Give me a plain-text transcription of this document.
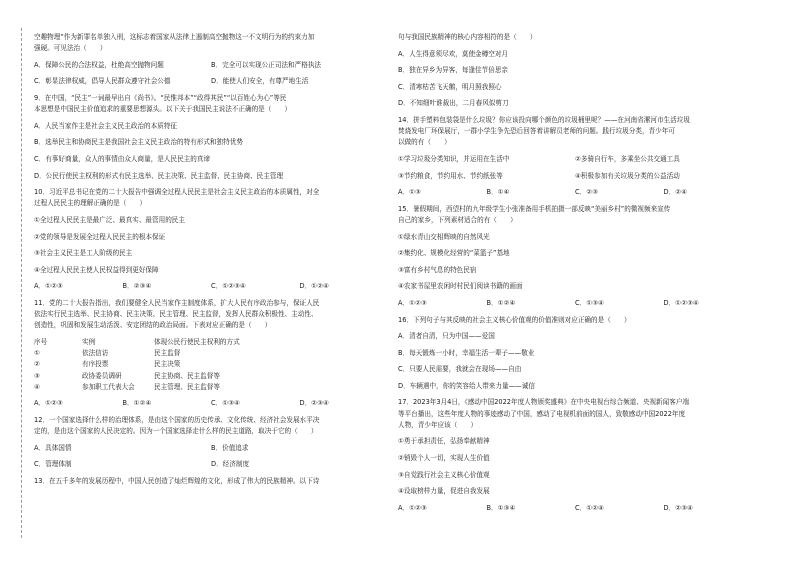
空趣物理”作为新罪名单独入刑，这标志着国家从法律上遏制高空抛物这一不文明行为的约束力加
强硬。可见法治（　　）

A．保障公民的合法权益，杜绝高空抛物问题	B．完全可以实现公正司法和严格执法
C．彰显法律权威，倡导人民群众遵守社会公德	D．能使人们安全，有尊严地生活

9．在中国，“民主”一词最早出自《尚书》。“民惟邦本”“政得其民”“以百姓心为心”等民
本思想是中国民主价值追求的重要思想源头。以下关于我国民主说法不正确的是（　　）

A．人民当家作主是社会主义民主政治的本质特征

B．选举民主和协商民主是我国社会主义民主政治的特有形式和独特优势

C．有事好商量，众人的事情由众人商量，是人民民主的真谛

D．公民行使民主权利的形式有民主选举、民主决策、民主监督、民主协商、民主管理

10．习近平总书记在党的二十大报告中强调全过程人民民主是社会主义民主政治的本质属性，对全
过程人民民主的理解正确的是（　　）

①全过程人民民主是最广泛、最真实、最管用的民主

②党的领导是发展全过程人民民主的根本保证

③社会主义民主是工人阶级的民主

④全过程人民民主使人民权益得到更好保障

A．①②③	B．②③④	C．①②③④	D．①②④

11．党的二十大报告指出，我们要健全人民当家作主制度体系，扩大人民有序政治参与，保证人民
依法实行民主选举、民主协商、民主决策、民主管理、民主监督，发挥人民群众积极性、主动性、
创造性，巩固和发展生动活泼、安定团结的政治局面。下表对应正确的是（　　）

序号	实例	体现公民行使民主权利的方式
①	依法信访	民主监督
②	有序投票	民主决策
③	政协委员调研	民主协商、民主监督等
④	参加职工代表大会	民主管理、民主监督等
A．①②③	B．①②④	C．①③④	D．②③④

12．一个国家选择什么样的治理体系，是由这个国家的历史传承、文化传统、经济社会发展水平决
定的，是由这个国家的人民决定的。因为一个国家选择走什么样的民主道路，取决于它的（　　）

A．具体国情	B．价值追求
C．管理体制	D．经济制度

13．在五千多年的发展历程中，中国人民创造了灿烂辉煌的文化，形成了伟大的民族精神。以下诗

句与我国民族精神的核心内容相符的是（　　）

A．人生得意须尽欢，莫使金樽空对月

B．独在异乡为异客，每逢佳节倍思亲

C．清寒枯苦飞天鹅，明月照我照心

D．不知细叶谁裁出，二月春风似剪刀

14．拼手塑料包装袋是什么垃圾？你应该投向哪个颜色的垃圾桶里呢？——在河南省漯河市生活垃圾
焚烧发电厂环保展厅，一群小学生争先恐后回答着讲解员老师的问题。践行垃圾分类，青少年可
以做的有（　　）

①学习垃圾分类知识，并运用在生活中	②多骑自行车，多乘坐公共交通工具
③节约粮食，节约用水、节约纸张等	④积极参加有关垃圾分类的公益活动
A．①③	B．①④	C．②③	D．②④

15．暑假期间，西望村的九年级学生小张准备用手机拍摄一部反映“美丽乡村”的微视频来宣传
自己的家乡，下列素材适合的有（　　）

①绿水青山交相辉映的自然风光

②集约化、规模化经营的“菜篮子”基地

③富有乡村气息的特色民宿

④农家书屋里农闲时村民们阅读书籍的画面

A．①②③	B．①②④	C．①③④	D．①②③④

16．下列句子与其反映的社会主义核心价值观的价值准则对应正确的是（　　）

A．清者自清，只为中国——爱国

B．每天锻炼一小时，幸福生活一辈子——敬业

C．只要人民需要，我就会在现场——自由

D．车辆遇中，你的笑容给人带来力量——诚信

17．2023年3月4日，《感动中国2022年度人物颁奖盛典》在中央电视台综合频道、央视新闻客户端
等平台播出，这些年度人物的事迹感动了中国，感动了电视机前面的国人，致敬感动中国2022年度
人物，青少年应该（　　）

①勇于承担责任，弘扬奉献精神

②销毁个人一切，实现人生价值

③自觉践行社会主义核心价值观

④设取榜样力量，促进自我发展

A．①②③	B．①③④	C．①②④	D．②③④
